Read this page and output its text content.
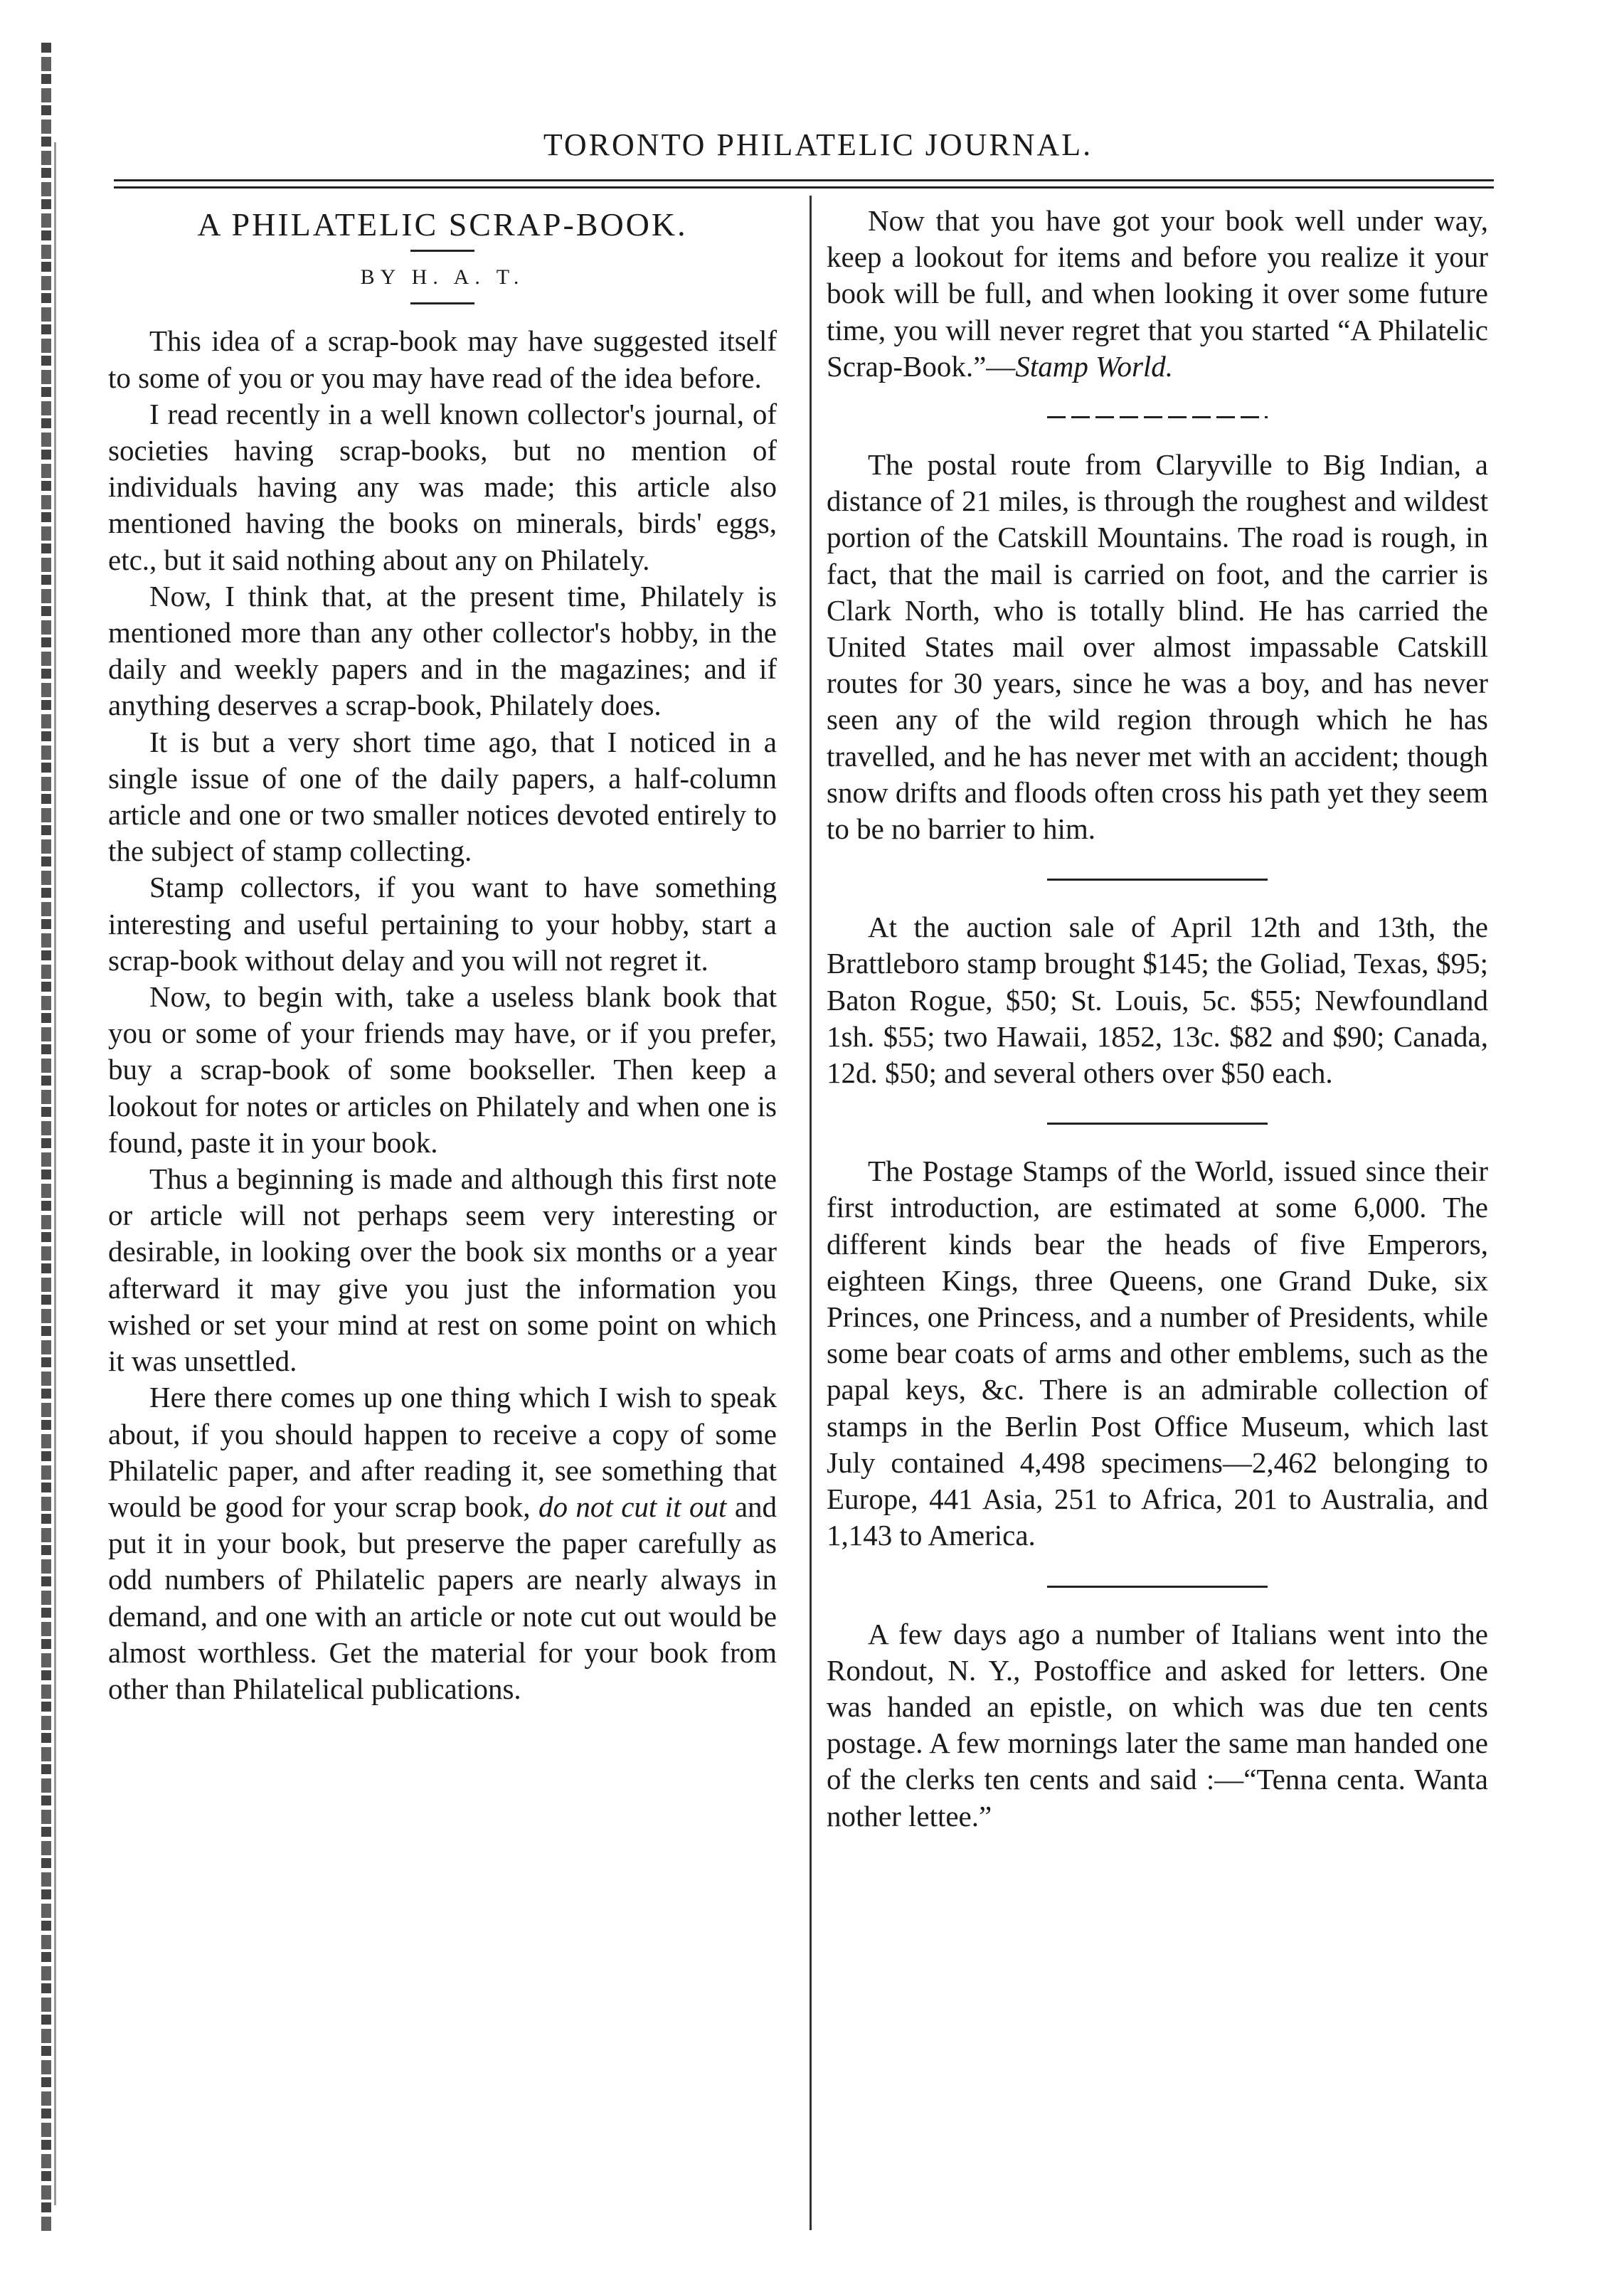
TORONTO PHILATELIC JOURNAL.
A PHILATELIC SCRAP-BOOK.
BY H. A. T.

This idea of a scrap-book may have suggested itself to some of you or you may have read of the idea before.

I read recently in a well known collector's journal, of societies having scrap-books, but no mention of individuals having any was made; this article also mentioned having the books on minerals, birds' eggs, etc., but it said nothing about any on Philately.

Now, I think that, at the present time, Philately is mentioned more than any other collector's hobby, in the daily and weekly papers and in the magazines; and if anything deserves a scrap-book, Philately does.

It is but a very short time ago, that I noticed in a single issue of one of the daily papers, a half-column article and one or two smaller notices devoted entirely to the subject of stamp collecting.

Stamp collectors, if you want to have something interesting and useful pertaining to your hobby, start a scrap-book without delay and you will not regret it.

Now, to begin with, take a useless blank book that you or some of your friends may have, or if you prefer, buy a scrap-book of some bookseller. Then keep a lookout for notes or articles on Philately and when one is found, paste it in your book.

Thus a beginning is made and although this first note or article will not perhaps seem very interesting or desirable, in looking over the book six months or a year afterward it may give you just the information you wished or set your mind at rest on some point on which it was unsettled.

Here there comes up one thing which I wish to speak about, if you should happen to receive a copy of some Philatelic paper, and after reading it, see something that would be good for your scrap book, do not cut it out and put it in your book, but preserve the paper carefully as odd numbers of Philatelic papers are nearly always in demand, and one with an article or note cut out would be almost worthless. Get the material for your book from other than Philatelical publications.

Now that you have got your book well under way, keep a lookout for items and before you realize it your book will be full, and when looking it over some future time, you will never regret that you started “A Philatelic Scrap-Book.”—Stamp World.

The postal route from Claryville to Big Indian, a distance of 21 miles, is through the roughest and wildest portion of the Catskill Mountains. The road is rough, in fact, that the mail is carried on foot, and the carrier is Clark North, who is totally blind. He has carried the United States mail over almost impassable Catskill routes for 30 years, since he was a boy, and has never seen any of the wild region through which he has travelled, and he has never met with an accident; though snow drifts and floods often cross his path yet they seem to be no barrier to him.

At the auction sale of April 12th and 13th, the Brattleboro stamp brought $145; the Goliad, Texas, $95; Baton Rogue, $50; St. Louis, 5c. $55; Newfoundland 1sh. $55; two Hawaii, 1852, 13c. $82 and $90; Canada, 12d. $50; and several others over $50 each.

The Postage Stamps of the World, issued since their first introduction, are estimated at some 6,000. The different kinds bear the heads of five Emperors, eighteen Kings, three Queens, one Grand Duke, six Princes, one Princess, and a number of Presidents, while some bear coats of arms and other emblems, such as the papal keys, &c. There is an admirable collection of stamps in the Berlin Post Office Museum, which last July contained 4,498 specimens—2,462 belonging to Europe, 441 Asia, 251 to Africa, 201 to Australia, and 1,143 to America.

A few days ago a number of Italians went into the Rondout, N. Y., Postoffice and asked for letters. One was handed an epistle, on which was due ten cents postage. A few mornings later the same man handed one of the clerks ten cents and said :—“Tenna centa. Wanta nother lettee.”
